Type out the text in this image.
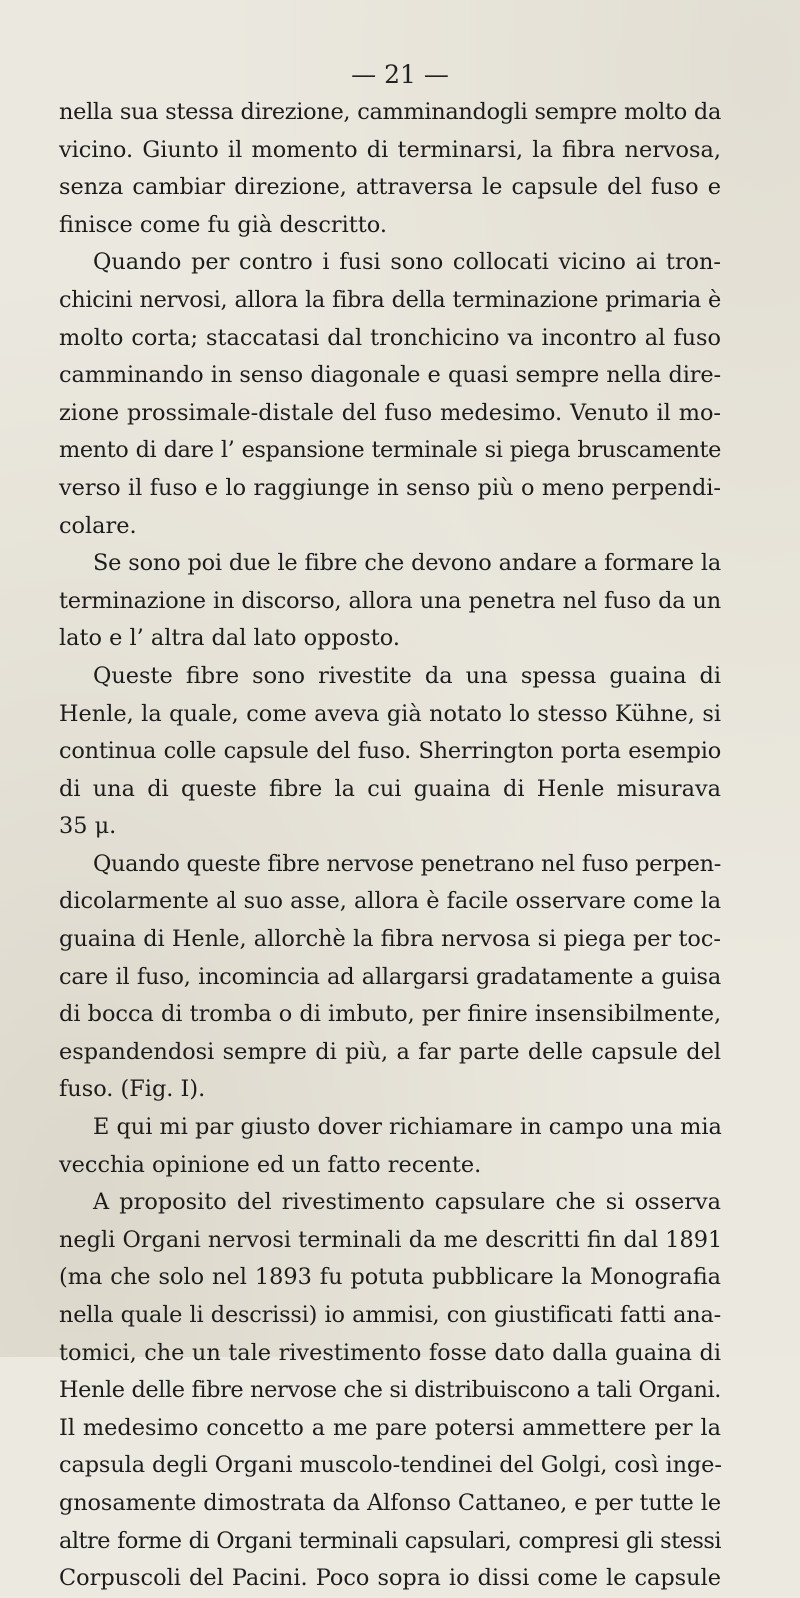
— 21 —
nella sua stessa direzione, camminandogli sempre molto da
vicino. Giunto il momento di terminarsi, la fibra nervosa,
senza cambiar direzione, attraversa le capsule del fuso e
finisce come fu già descritto.
Quando per contro i fusi sono collocati vicino ai tron-
chicini nervosi, allora la fibra della terminazione primaria è
molto corta; staccatasi dal tronchicino va incontro al fuso
camminando in senso diagonale e quasi sempre nella dire-
zione prossimale-distale del fuso medesimo. Venuto il mo-
mento di dare l’ espansione terminale si piega bruscamente
verso il fuso e lo raggiunge in senso più o meno perpendi-
colare.
Se sono poi due le fibre che devono andare a formare la
terminazione in discorso, allora una penetra nel fuso da un
lato e l’ altra dal lato opposto.
Queste fibre sono rivestite da una spessa guaina di
Henle, la quale, come aveva già notato lo stesso Kühne, si
continua colle capsule del fuso. Sherrington porta esempio
di una di queste fibre la cui guaina di Henle misurava
35 μ.
Quando queste fibre nervose penetrano nel fuso perpen-
dicolarmente al suo asse, allora è facile osservare come la
guaina di Henle, allorchè la fibra nervosa si piega per toc-
care il fuso, incomincia ad allargarsi gradatamente a guisa
di bocca di tromba o di imbuto, per finire insensibilmente,
espandendosi sempre di più, a far parte delle capsule del
fuso. (Fig. I).
E qui mi par giusto dover richiamare in campo una mia
vecchia opinione ed un fatto recente.
A proposito del rivestimento capsulare che si osserva
negli Organi nervosi terminali da me descritti fin dal 1891
(ma che solo nel 1893 fu potuta pubblicare la Monografia
nella quale li descrissi) io ammisi, con giustificati fatti ana-
tomici, che un tale rivestimento fosse dato dalla guaina di
Henle delle fibre nervose che si distribuiscono a tali Organi.
Il medesimo concetto a me pare potersi ammettere per la
capsula degli Organi muscolo-tendinei del Golgi, così inge-
gnosamente dimostrata da Alfonso Cattaneo, e per tutte le
altre forme di Organi terminali capsulari, compresi gli stessi
Corpuscoli del Pacini. Poco sopra io dissi come le capsule
